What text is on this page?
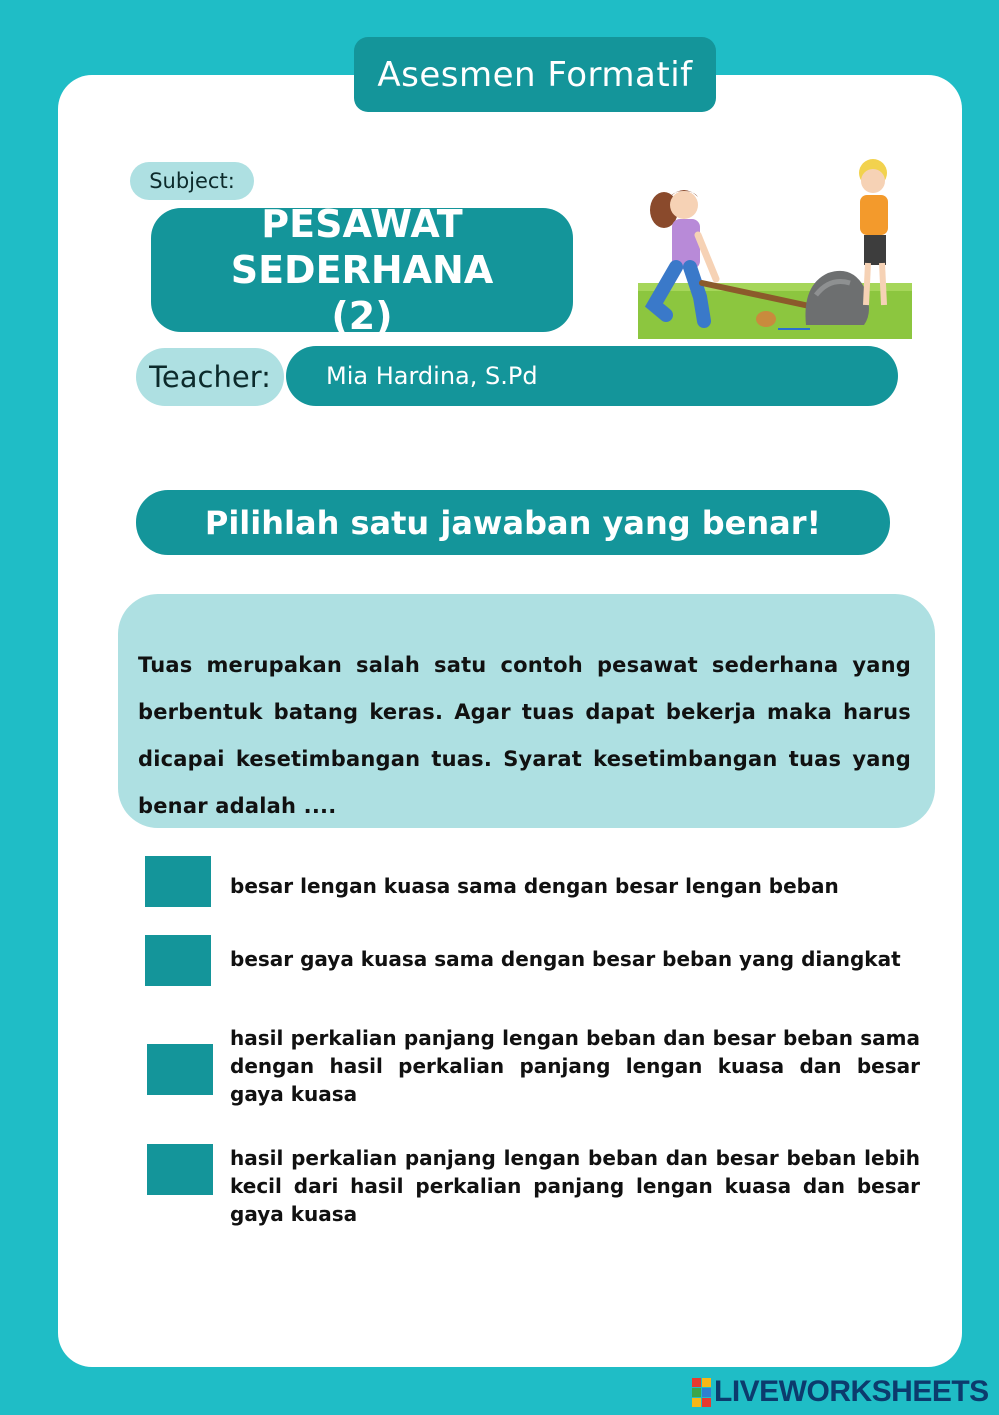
Asesmen Formatif
Subject:
PESAWAT SEDERHANA
(2)
Teacher:	Mia Hardina, S.Pd
Pilihlah satu jawaban yang benar!
Tuas merupakan salah satu contoh pesawat sederhana yang berbentuk batang keras. Agar tuas dapat bekerja maka harus dicapai kesetimbangan tuas. Syarat kesetimbangan tuas yang benar adalah ....
besar lengan kuasa sama dengan besar lengan beban
besar gaya kuasa sama dengan besar beban yang diangkat
hasil perkalian panjang lengan beban dan besar beban sama dengan hasil perkalian panjang lengan kuasa dan besar gaya kuasa
hasil perkalian panjang lengan beban dan besar beban lebih kecil dari hasil perkalian panjang lengan kuasa dan besar gaya kuasa
LIVEWORKSHEETS
